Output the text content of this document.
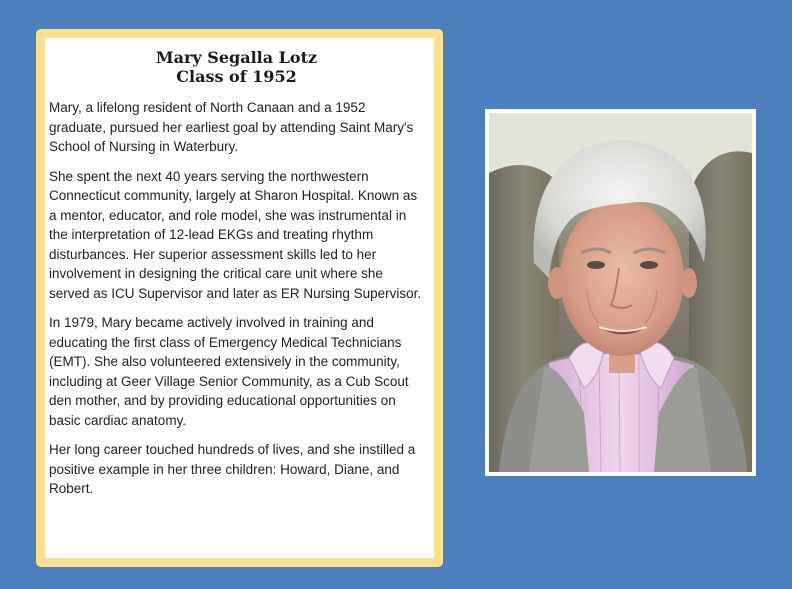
Mary Segalla Lotz
Class of 1952

Mary, a lifelong resident of North Canaan and a 1952 graduate, pursued her earliest goal by attending Saint Mary's School of Nursing in Waterbury.

She spent the next 40 years serving the northwestern Connecticut community, largely at Sharon Hospital. Known as a mentor, educator, and role model, she was instrumental in the interpretation of 12-lead EKGs and treating rhythm disturbances. Her superior assessment skills led to her involvement in designing the critical care unit where she served as ICU Supervisor and later as ER Nursing Supervisor.

In 1979, Mary became actively involved in training and educating the first class of Emergency Medical Technicians (EMT). She also volunteered extensively in the community, including at Geer Village Senior Community, as a Cub Scout den mother, and by providing educational opportunities on basic cardiac anatomy.

Her long career touched hundreds of lives, and she instilled a positive example in her three children: Howard, Diane, and Robert.
